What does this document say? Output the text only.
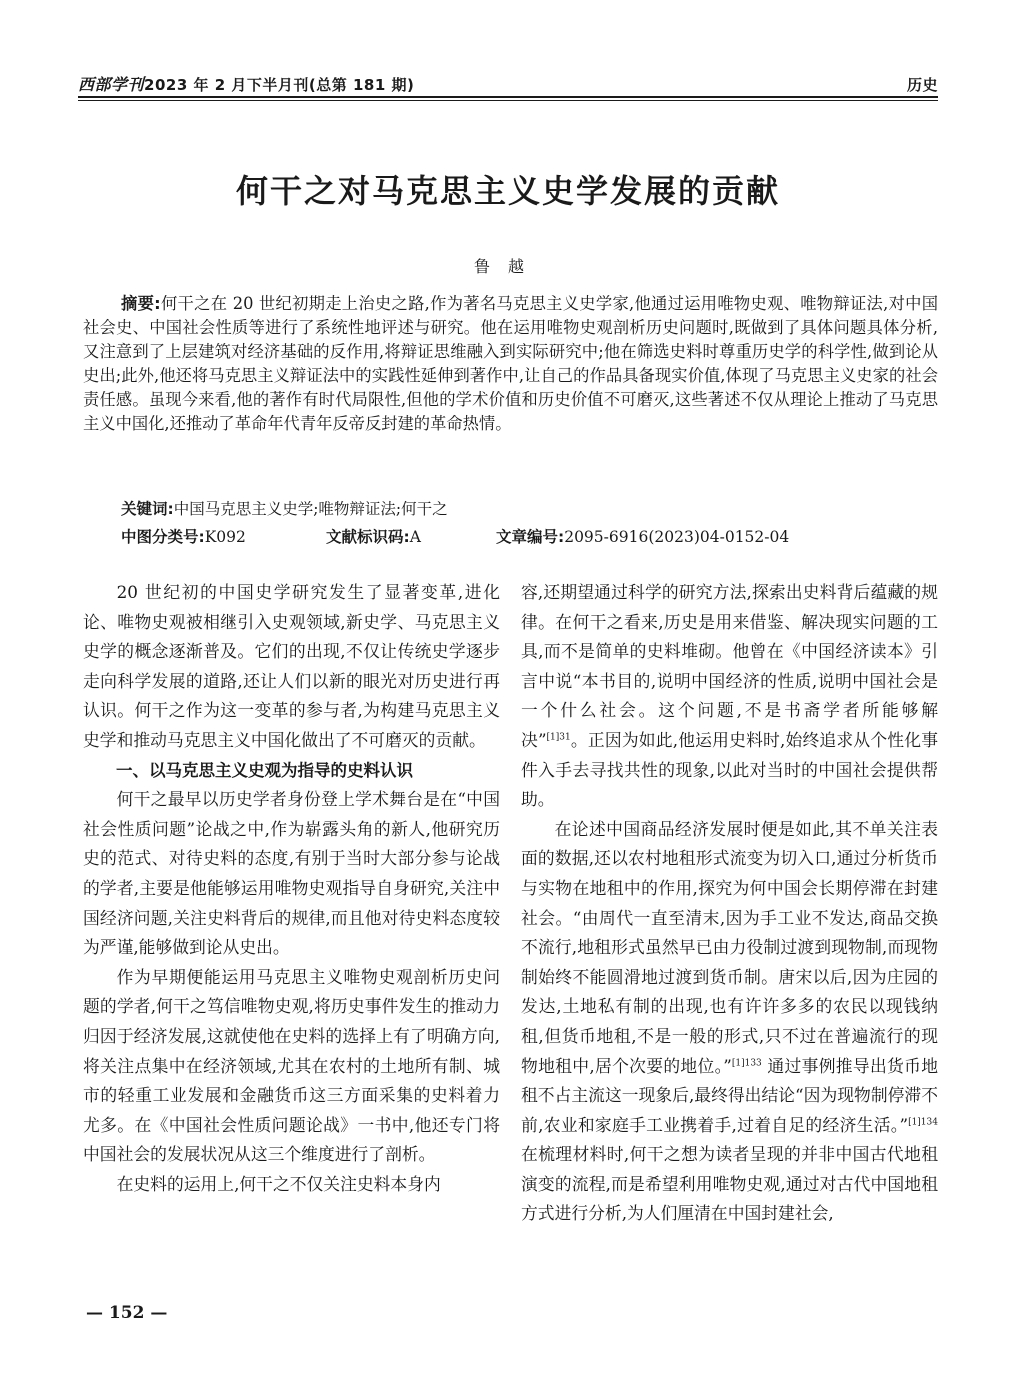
西部学刊2023 年 2 月下半月刊(总第 181 期)	历史
何干之对马克思主义史学发展的贡献
鲁越
摘要:何干之在 20 世纪初期走上治史之路,作为著名马克思主义史学家,他通过运用唯物史观、唯物辩证法,对中国社会史、中国社会性质等进行了系统性地评述与研究。他在运用唯物史观剖析历史问题时,既做到了具体问题具体分析,又注意到了上层建筑对经济基础的反作用,将辩证思维融入到实际研究中;他在筛选史料时尊重历史学的科学性,做到论从史出;此外,他还将马克思主义辩证法中的实践性延伸到著作中,让自己的作品具备现实价值,体现了马克思主义史家的社会责任感。虽现今来看,他的著作有时代局限性,但他的学术价值和历史价值不可磨灭,这些著述不仅从理论上推动了马克思主义中国化,还推动了革命年代青年反帝反封建的革命热情。
关键词:中国马克思主义史学;唯物辩证法;何干之
中图分类号:K092	文献标识码:A	文章编号:2095-6916(2023)04-0152-04

20 世纪初的中国史学研究发生了显著变革,进化论、唯物史观被相继引入史观领域,新史学、马克思主义史学的概念逐渐普及。它们的出现,不仅让传统史学逐步走向科学发展的道路,还让人们以新的眼光对历史进行再认识。何干之作为这一变革的参与者,为构建马克思主义史学和推动马克思主义中国化做出了不可磨灭的贡献。

一、以马克思主义史观为指导的史料认识

何干之最早以历史学者身份登上学术舞台是在“中国社会性质问题”论战之中,作为崭露头角的新人,他研究历史的范式、对待史料的态度,有别于当时大部分参与论战的学者,主要是他能够运用唯物史观指导自身研究,关注中国经济问题,关注史料背后的规律,而且他对待史料态度较为严谨,能够做到论从史出。

作为早期便能运用马克思主义唯物史观剖析历史问题的学者,何干之笃信唯物史观,将历史事件发生的推动力归因于经济发展,这就使他在史料的选择上有了明确方向,将关注点集中在经济领域,尤其在农村的土地所有制、城市的轻重工业发展和金融货币这三方面采集的史料着力尤多。在《中国社会性质问题论战》一书中,他还专门将中国社会的发展状况从这三个维度进行了剖析。

在史料的运用上,何干之不仅关注史料本身内

容,还期望通过科学的研究方法,探索出史料背后蕴藏的规律。在何干之看来,历史是用来借鉴、解决现实问题的工具,而不是简单的史料堆砌。他曾在《中国经济读本》引言中说“本书目的,说明中国经济的性质,说明中国社会是一个什么社会。这个问题,不是书斋学者所能够解决”$^{[1]31}$。正因为如此,他运用史料时,始终追求从个性化事件入手去寻找共性的现象,以此对当时的中国社会提供帮助。

在论述中国商品经济发展时便是如此,其不单关注表面的数据,还以农村地租形式流变为切入口,通过分析货币与实物在地租中的作用,探究为何中国会长期停滞在封建社会。“由周代一直至清末,因为手工业不发达,商品交换不流行,地租形式虽然早已由力役制过渡到现物制,而现物制始终不能圆滑地过渡到货币制。唐宋以后,因为庄园的发达,土地私有制的出现,也有许许多多的农民以现钱纳租,但货币地租,不是一般的形式,只不过在普遍流行的现物地租中,居个次要的地位。”$^{[1]133}$ 通过事例推导出货币地租不占主流这一现象后,最终得出结论“因为现物制停滞不前,农业和家庭手工业携着手,过着自足的经济生活。”$^{[1]134}$ 在梳理材料时,何干之想为读者呈现的并非中国古代地租演变的流程,而是希望利用唯物史观,通过对古代中国地租方式进行分析,为人们厘清在中国封建社会,

— 152 —
